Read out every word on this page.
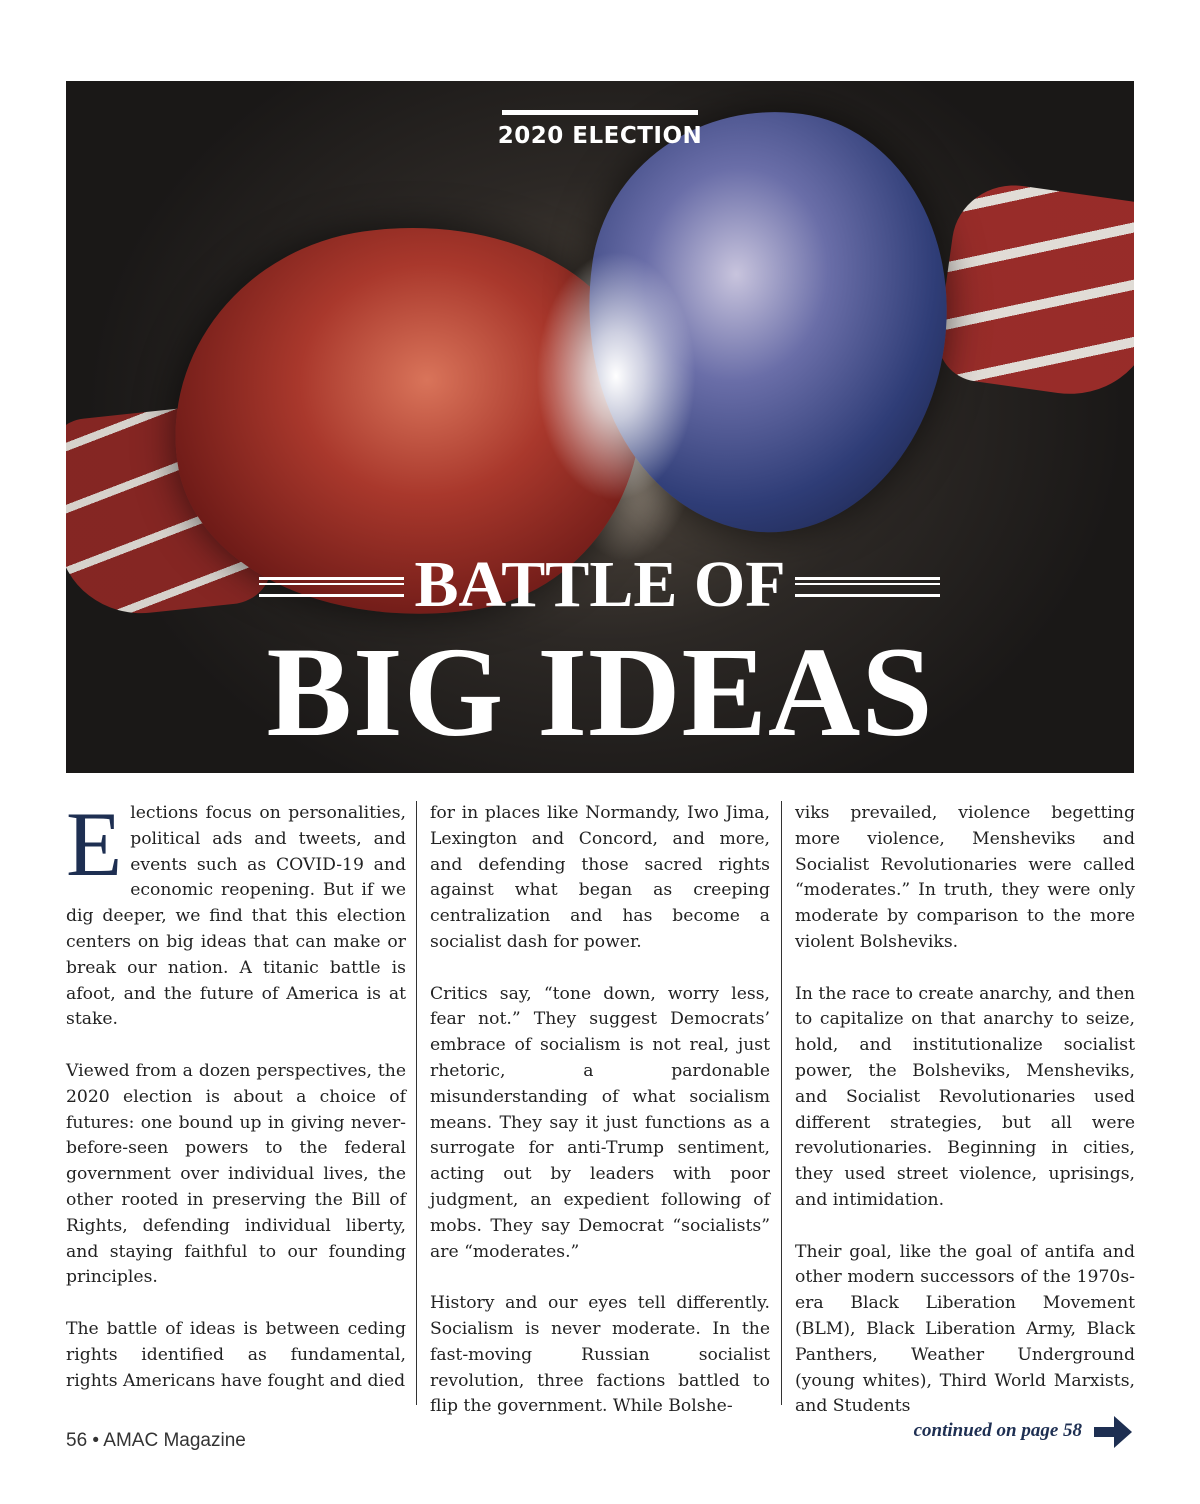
2020 ELECTION
BATTLE OF
BIG IDEAS

Elections focus on personalities, political ads and tweets, and events such as COVID-19 and economic reopening. But if we dig deeper, we find that this election centers on big ideas that can make or break our nation. A titanic battle is afoot, and the future of America is at stake.

Viewed from a dozen perspectives, the 2020 election is about a choice of futures: one bound up in giving never-before-seen powers to the federal government over individual lives, the other rooted in preserving the Bill of Rights, defending individual liberty, and staying faithful to our founding principles.

The battle of ideas is between ceding rights identified as fundamental, rights Americans have fought and died

for in places like Normandy, Iwo Jima, Lexington and Concord, and more, and defending those sacred rights against what began as creeping centralization and has become a socialist dash for power.

Critics say, “tone down, worry less, fear not.” They suggest Democrats’ embrace of socialism is not real, just rhetoric, a pardonable misunderstanding of what socialism means. They say it just functions as a surrogate for anti-Trump sentiment, acting out by leaders with poor judgment, an expedient following of mobs. They say Democrat “socialists” are “moderates.”

History and our eyes tell differently. Socialism is never moderate. In the fast-moving Russian socialist revolution, three factions battled to flip the government. While Bolshe-

viks prevailed, violence begetting more violence, Mensheviks and Socialist Revolutionaries were called “moderates.” In truth, they were only moderate by comparison to the more violent Bolsheviks.

In the race to create anarchy, and then to capitalize on that anarchy to seize, hold, and institutionalize socialist power, the Bolsheviks, Mensheviks, and Socialist Revolutionaries used different strategies, but all were revolutionaries. Beginning in cities, they used street violence, uprisings, and intimidation.

Their goal, like the goal of antifa and other modern successors of the 1970s-era Black Liberation Movement (BLM), Black Liberation Army, Black Panthers, Weather Underground (young whites), Third World Marxists, and Students

56 • AMAC Magazine	continued on page 58
